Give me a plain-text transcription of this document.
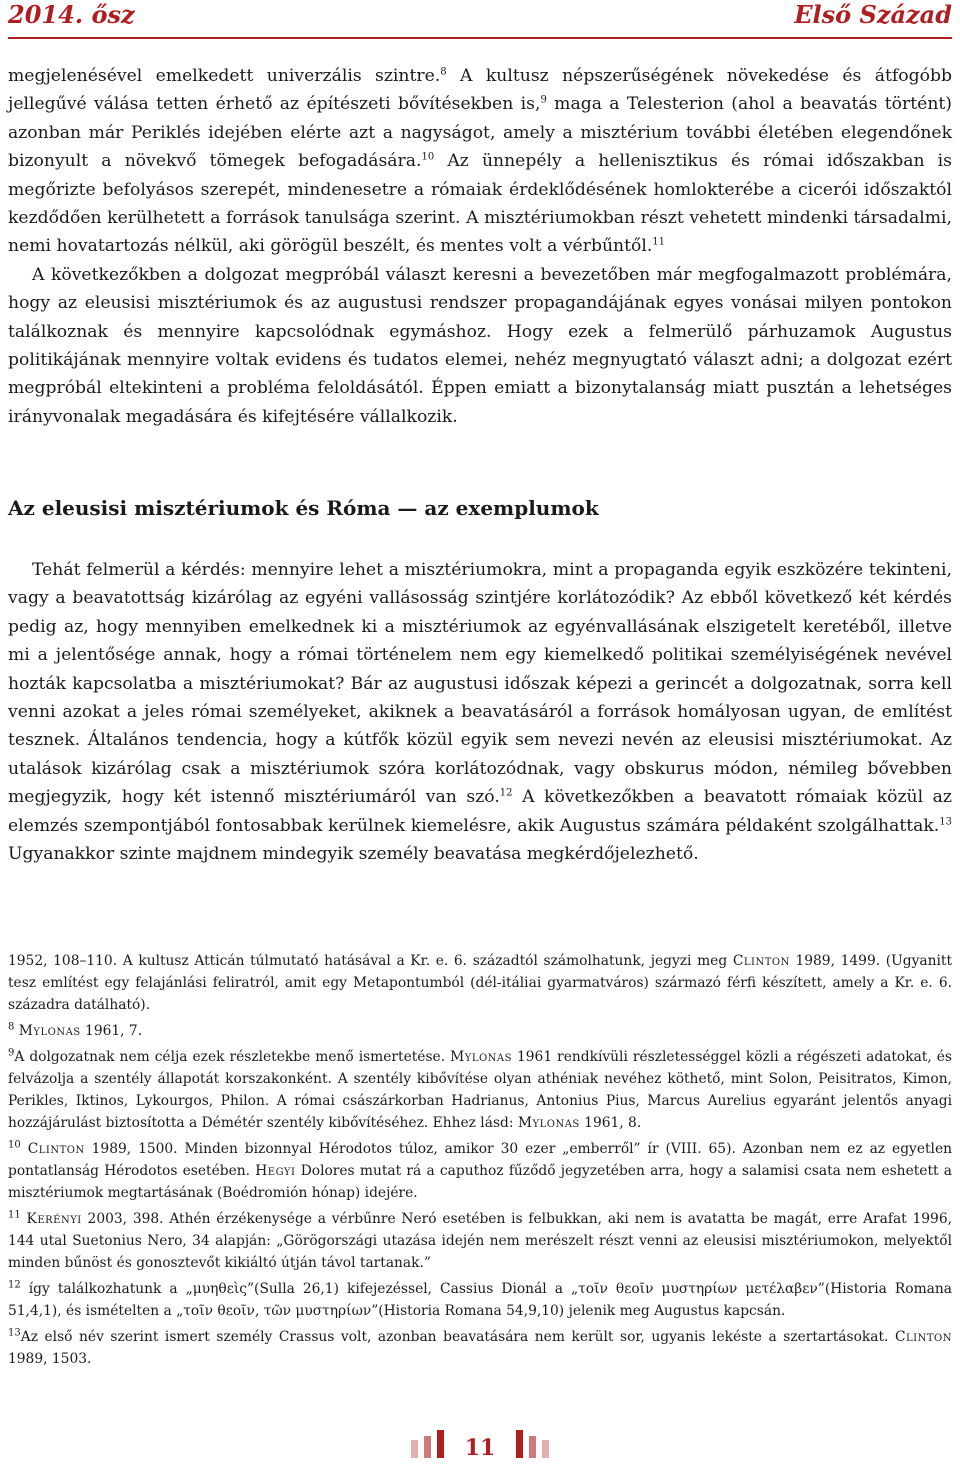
2014. ősz	Első Század

megjelenésével emelkedett univerzális szintre.$^8$ A kultusz népszerűségének növekedése és átfogóbb jellegűvé válása tetten érhető az építészeti bővítésekben is,$^9$ maga a Telesterion (ahol a beavatás történt) azonban már Periklés idejében elérte azt a nagyságot, amely a misztérium további életében elegendőnek bizonyult a növekvő tömegek befogadására.$^{10}$ Az ünnepély a hellenisztikus és római időszakban is megőrizte befolyásos szerepét, mindenesetre a rómaiak érdeklődésének homlokterébe a cicerói időszaktól kezdődően kerülhetett a források tanulsága szerint. A misztériumokban részt vehetett mindenki társadalmi, nemi hovatartozás nélkül, aki görögül beszélt, és mentes volt a vérbűntől.$^{11}$

A következőkben a dolgozat megpróbál választ keresni a bevezetőben már megfogalmazott problémára, hogy az eleusisi misztériumok és az augustusi rendszer propagandájának egyes vonásai milyen pontokon találkoznak és mennyire kapcsolódnak egymáshoz. Hogy ezek a felmerülő párhuzamok Augustus politikájának mennyire voltak evidens és tudatos elemei, nehéz megnyugtató választ adni; a dolgozat ezért megpróbál eltekinteni a probléma feloldásától. Éppen emiatt a bizonytalanság miatt pusztán a lehetséges irányvonalak megadására és kifejtésére vállalkozik.

Az eleusisi misztériumok és Róma — az exemplumok

Tehát felmerül a kérdés: mennyire lehet a misztériumokra, mint a propaganda egyik eszközére tekinteni, vagy a beavatottság kizárólag az egyéni vallásosság szintjére korlátozódik? Az ebből következő két kérdés pedig az, hogy mennyiben emelkednek ki a misztériumok az egyénvallásának elszigetelt keretéből, illetve mi a jelentősége annak, hogy a római történelem nem egy kiemelkedő politikai személyiségének nevével hozták kapcsolatba a misztériumokat? Bár az augustusi időszak képezi a gerincét a dolgozatnak, sorra kell venni azokat a jeles római személyeket, akiknek a beavatásáról a források homályosan ugyan, de említést tesznek. Általános tendencia, hogy a kútfők közül egyik sem nevezi nevén az eleusisi misztériumokat. Az utalások kizárólag csak a misztériumok szóra korlátozódnak, vagy obskurus módon, némileg bővebben megjegyzik, hogy két istennő misztériumáról van szó.$^{12}$ A következőkben a beavatott rómaiak közül az elemzés szempontjából fontosabbak kerülnek kiemelésre, akik Augustus számára példaként szolgálhattak.$^{13}$ Ugyanakkor szinte majdnem mindegyik személy beavatása megkérdőjelezhető.

1952, 108–110. A kultusz Atticán túlmutató hatásával a Kr. e. 6. századtól számolhatunk, jegyzi meg Clinton 1989, 1499. (Ugyanitt tesz említést egy felajánlási feliratról, amit egy Metapontumból (dél-itáliai gyarmatváros) származó férfi készített, amely a Kr. e. 6. századra datálható).

$^8$ Mylonas 1961, 7.

$^9$A dolgozatnak nem célja ezek részletekbe menő ismertetése. Mylonas 1961 rendkívüli részletességgel közli a régészeti adatokat, és felvázolja a szentély állapotát korszakonként. A szentély kibővítése olyan athéniak nevéhez köthető, mint Solon, Peisitratos, Kimon, Perikles, Iktinos, Lykourgos, Philon. A római császárkorban Hadrianus, Antonius Pius, Marcus Aurelius egyaránt jelentős anyagi hozzájárulást biztosította a Démétér szentély kibővítéséhez. Ehhez lásd: Mylonas 1961, 8.

$^{10}$ Clinton 1989, 1500. Minden bizonnyal Hérodotos túloz, amikor 30 ezer „emberről” ír (VIII. 65). Azonban nem ez az egyetlen pontatlanság Hérodotos esetében. Hegyi Dolores mutat rá a caputhoz fűződő jegyzetében arra, hogy a salamisi csata nem eshetett a misztériumok megtartásának (Boédromión hónap) idejére.

$^{11}$ Kerényi 2003, 398. Athén érzékenysége a vérbűnre Neró esetében is felbukkan, aki nem is avatatta be magát, erre Arafat 1996, 144 utal Suetonius Nero, 34 alapján: „Görögországi utazása idején nem merészelt részt venni az eleusisi misztériumokon, melyektől minden bűnöst és gonosztevőt kikiáltó útján távol tartanak.”

$^{12}$ így találkozhatunk a „μυηθεὶς”(Sulla 26,1) kifejezéssel, Cassius Dionál a „τοῖν θεοῖν μυστηρίων μετέλαβεν”(Historia Romana 51,4,1), és ismételten a „τοῖν θεοῖν, τῶν μυστηρίων”(Historia Romana 54,9,10) jelenik meg Augustus kapcsán.

$^{13}$Az első név szerint ismert személy Crassus volt, azonban beavatására nem került sor, ugyanis lekéste a szertartásokat. Clinton 1989, 1503.

11
